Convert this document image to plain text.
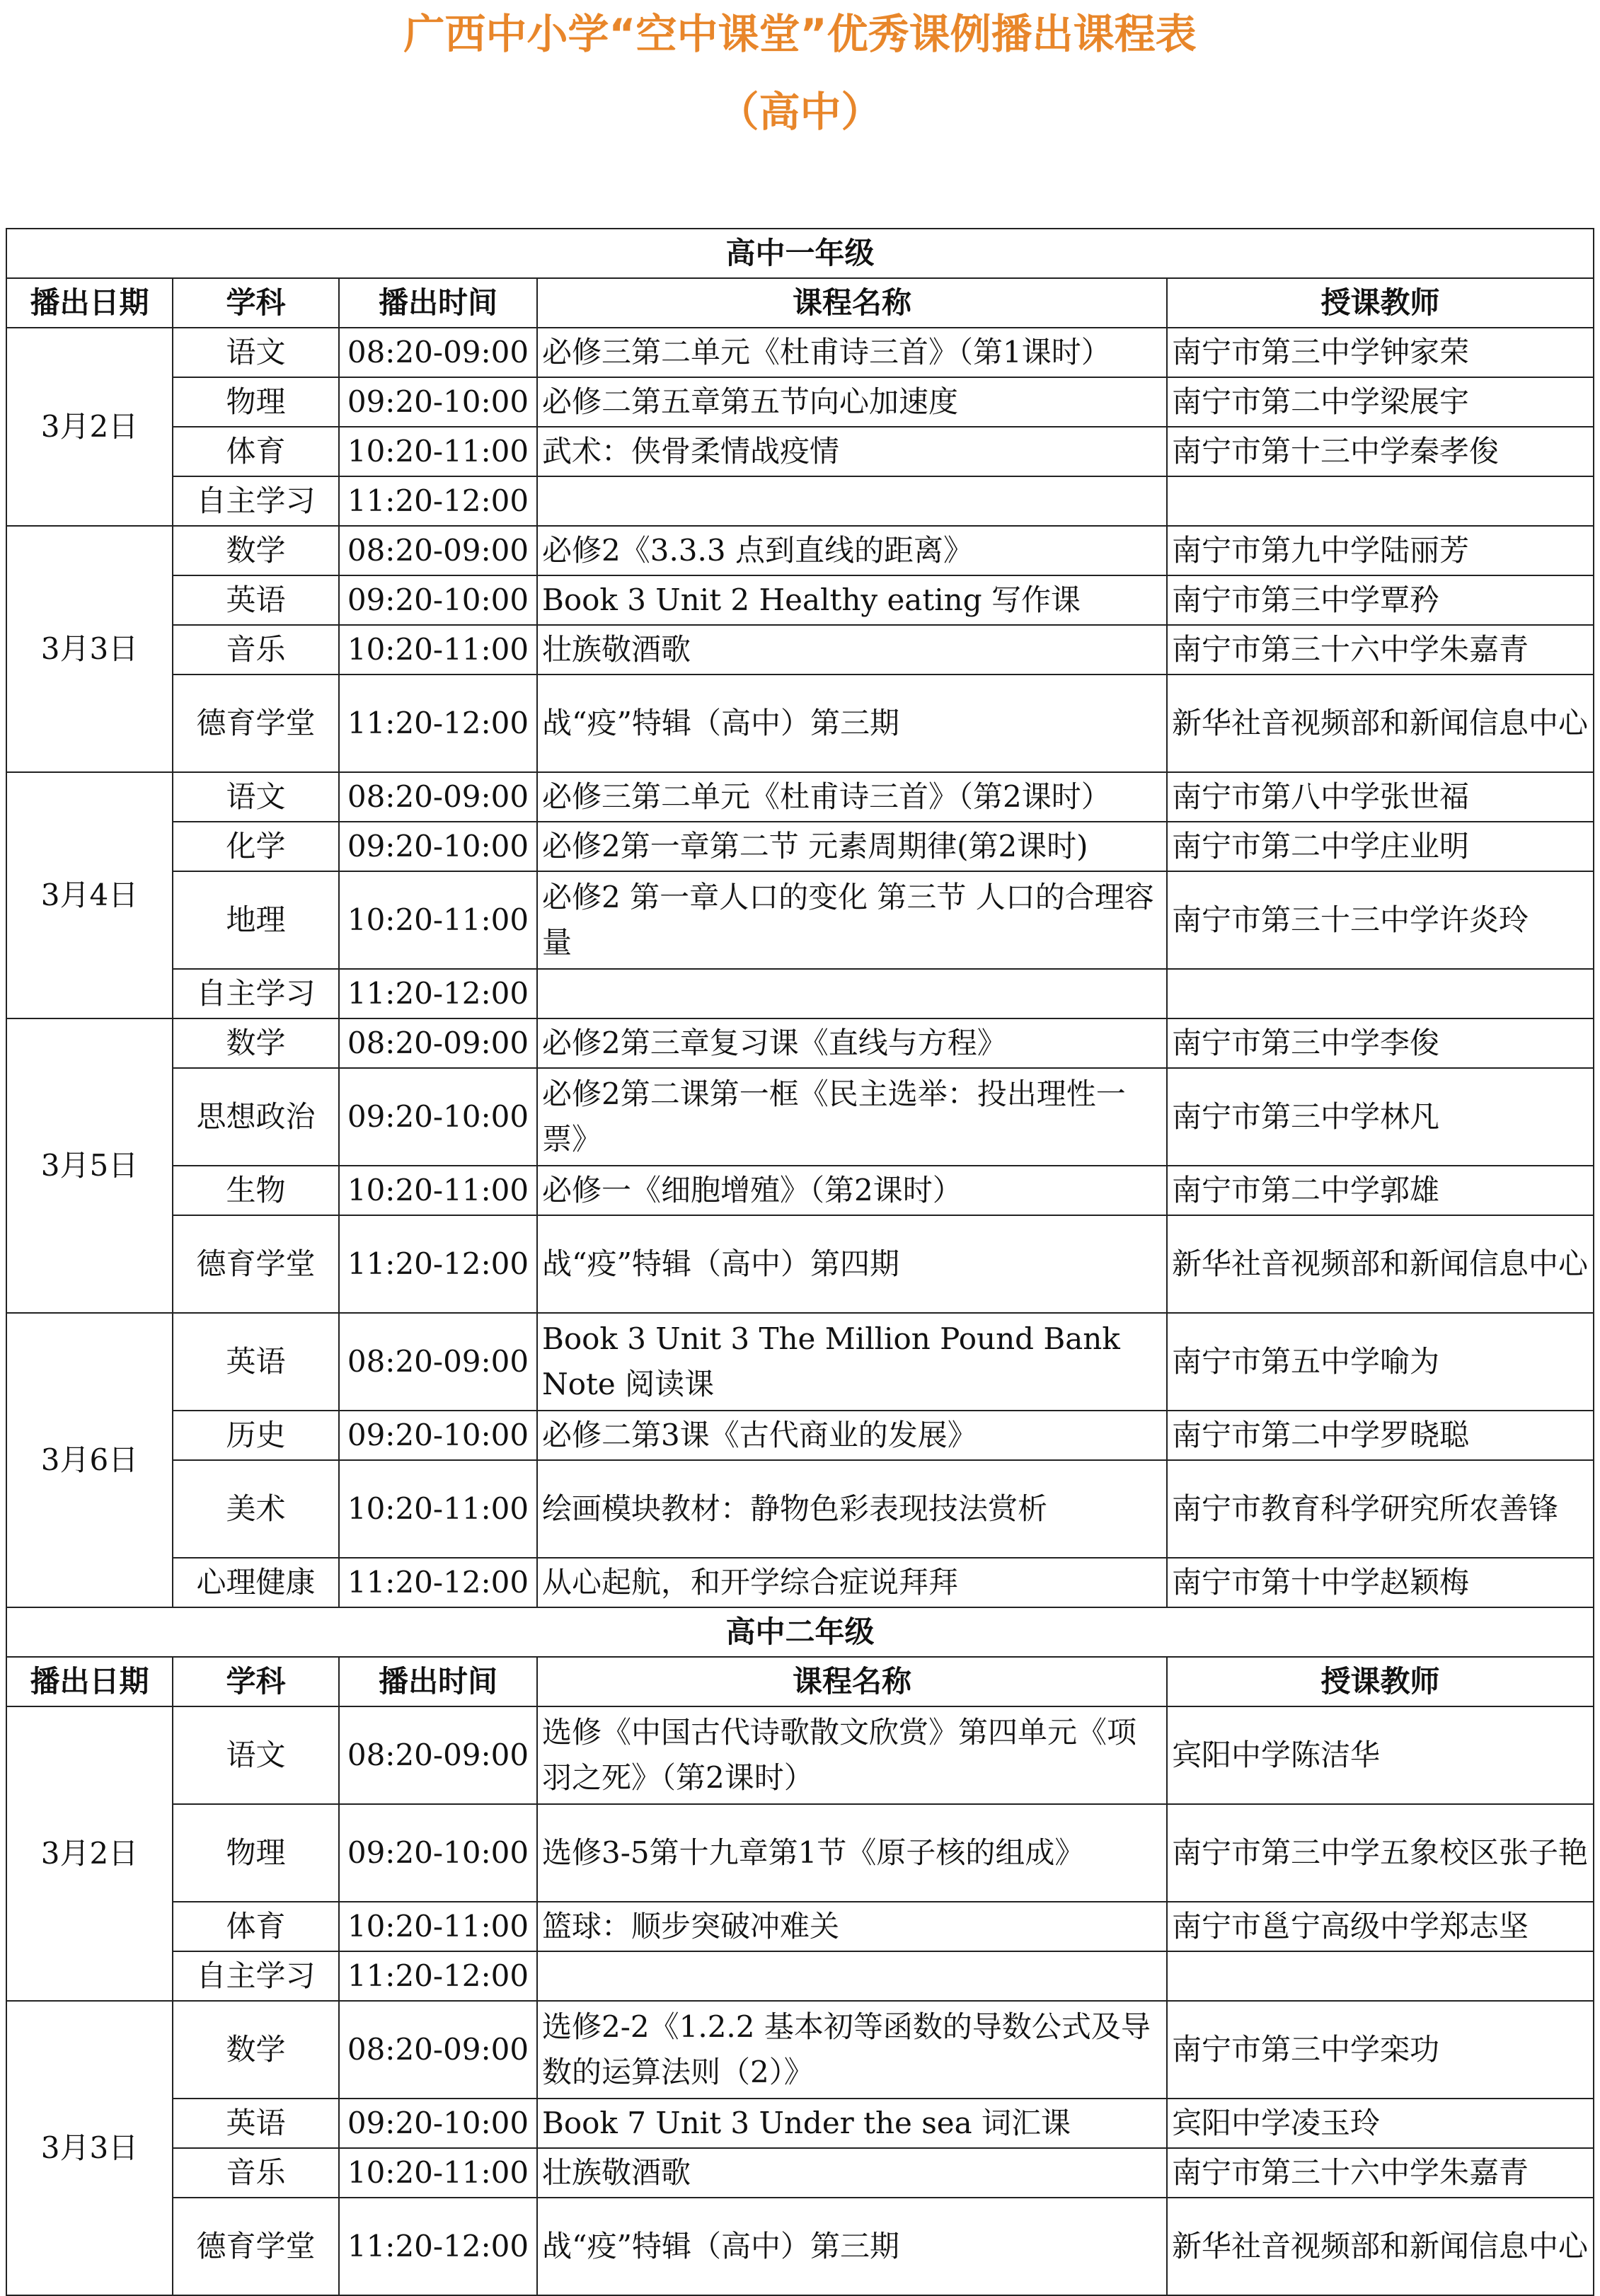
广西中小学“空中课堂”优秀课例播出课程表
（高中）
高中一年级				
播出日期	学科	播出时间	课程名称	授课教师
3月2日	语文	08:20-09:00	必修三第二单元《杜甫诗三首》（第1课时）	南宁市第三中学钟家荣
	物理	09:20-10:00	必修二第五章第五节向心加速度	南宁市第二中学梁展宇
	体育	10:20-11:00	武术：侠骨柔情战疫情	南宁市第十三中学秦孝俊
	自主学习	11:20-12:00		
3月3日	数学	08:20-09:00	必修2《3.3.3 点到直线的距离》	南宁市第九中学陆丽芳
	英语	09:20-10:00	Book 3 Unit 2 Healthy eating 写作课	南宁市第三中学覃矜
	音乐	10:20-11:00	壮族敬酒歌	南宁市第三十六中学朱嘉青
	德育学堂	11:20-12:00	战“疫”特辑（高中）第三期	新华社音视频部和新闻信息中心
3月4日	语文	08:20-09:00	必修三第二单元《杜甫诗三首》（第2课时）	南宁市第八中学张世福
	化学	09:20-10:00	必修2第一章第二节 元素周期律(第2课时)	南宁市第二中学庄业明
	地理	10:20-11:00	必修2 第一章人口的变化 第三节 人口的合理容量	南宁市第三十三中学许炎玲
	自主学习	11:20-12:00		
3月5日	数学	08:20-09:00	必修2第三章复习课《直线与方程》	南宁市第三中学李俊
	思想政治	09:20-10:00	必修2第二课第一框《民主选举：投出理性一票》	南宁市第三中学林凡
	生物	10:20-11:00	必修一《细胞增殖》（第2课时）	南宁市第二中学郭雄
	德育学堂	11:20-12:00	战“疫”特辑（高中）第四期	新华社音视频部和新闻信息中心
3月6日	英语	08:20-09:00	Book 3 Unit 3 The Million Pound Bank Note 阅读课	南宁市第五中学喻为
	历史	09:20-10:00	必修二第3课《古代商业的发展》	南宁市第二中学罗晓聪
	美术	10:20-11:00	绘画模块教材：静物色彩表现技法赏析	南宁市教育科学研究所农善锋
	心理健康	11:20-12:00	从心起航，和开学综合症说拜拜	南宁市第十中学赵颖梅
高中二年级				
播出日期	学科	播出时间	课程名称	授课教师
3月2日	语文	08:20-09:00	选修《中国古代诗歌散文欣赏》第四单元《项羽之死》（第2课时）	宾阳中学陈洁华
	物理	09:20-10:00	选修3-5第十九章第1节《原子核的组成》	南宁市第三中学五象校区张子艳
	体育	10:20-11:00	篮球：顺步突破冲难关	南宁市邕宁高级中学郑志坚
	自主学习	11:20-12:00		
3月3日	数学	08:20-09:00	选修2-2《1.2.2 基本初等函数的导数公式及导数的运算法则（2）》	南宁市第三中学栾功
	英语	09:20-10:00	Book 7 Unit 3 Under the sea 词汇课	宾阳中学凌玉玲
	音乐	10:20-11:00	壮族敬酒歌	南宁市第三十六中学朱嘉青
	德育学堂	11:20-12:00	战“疫”特辑（高中）第三期	新华社音视频部和新闻信息中心
